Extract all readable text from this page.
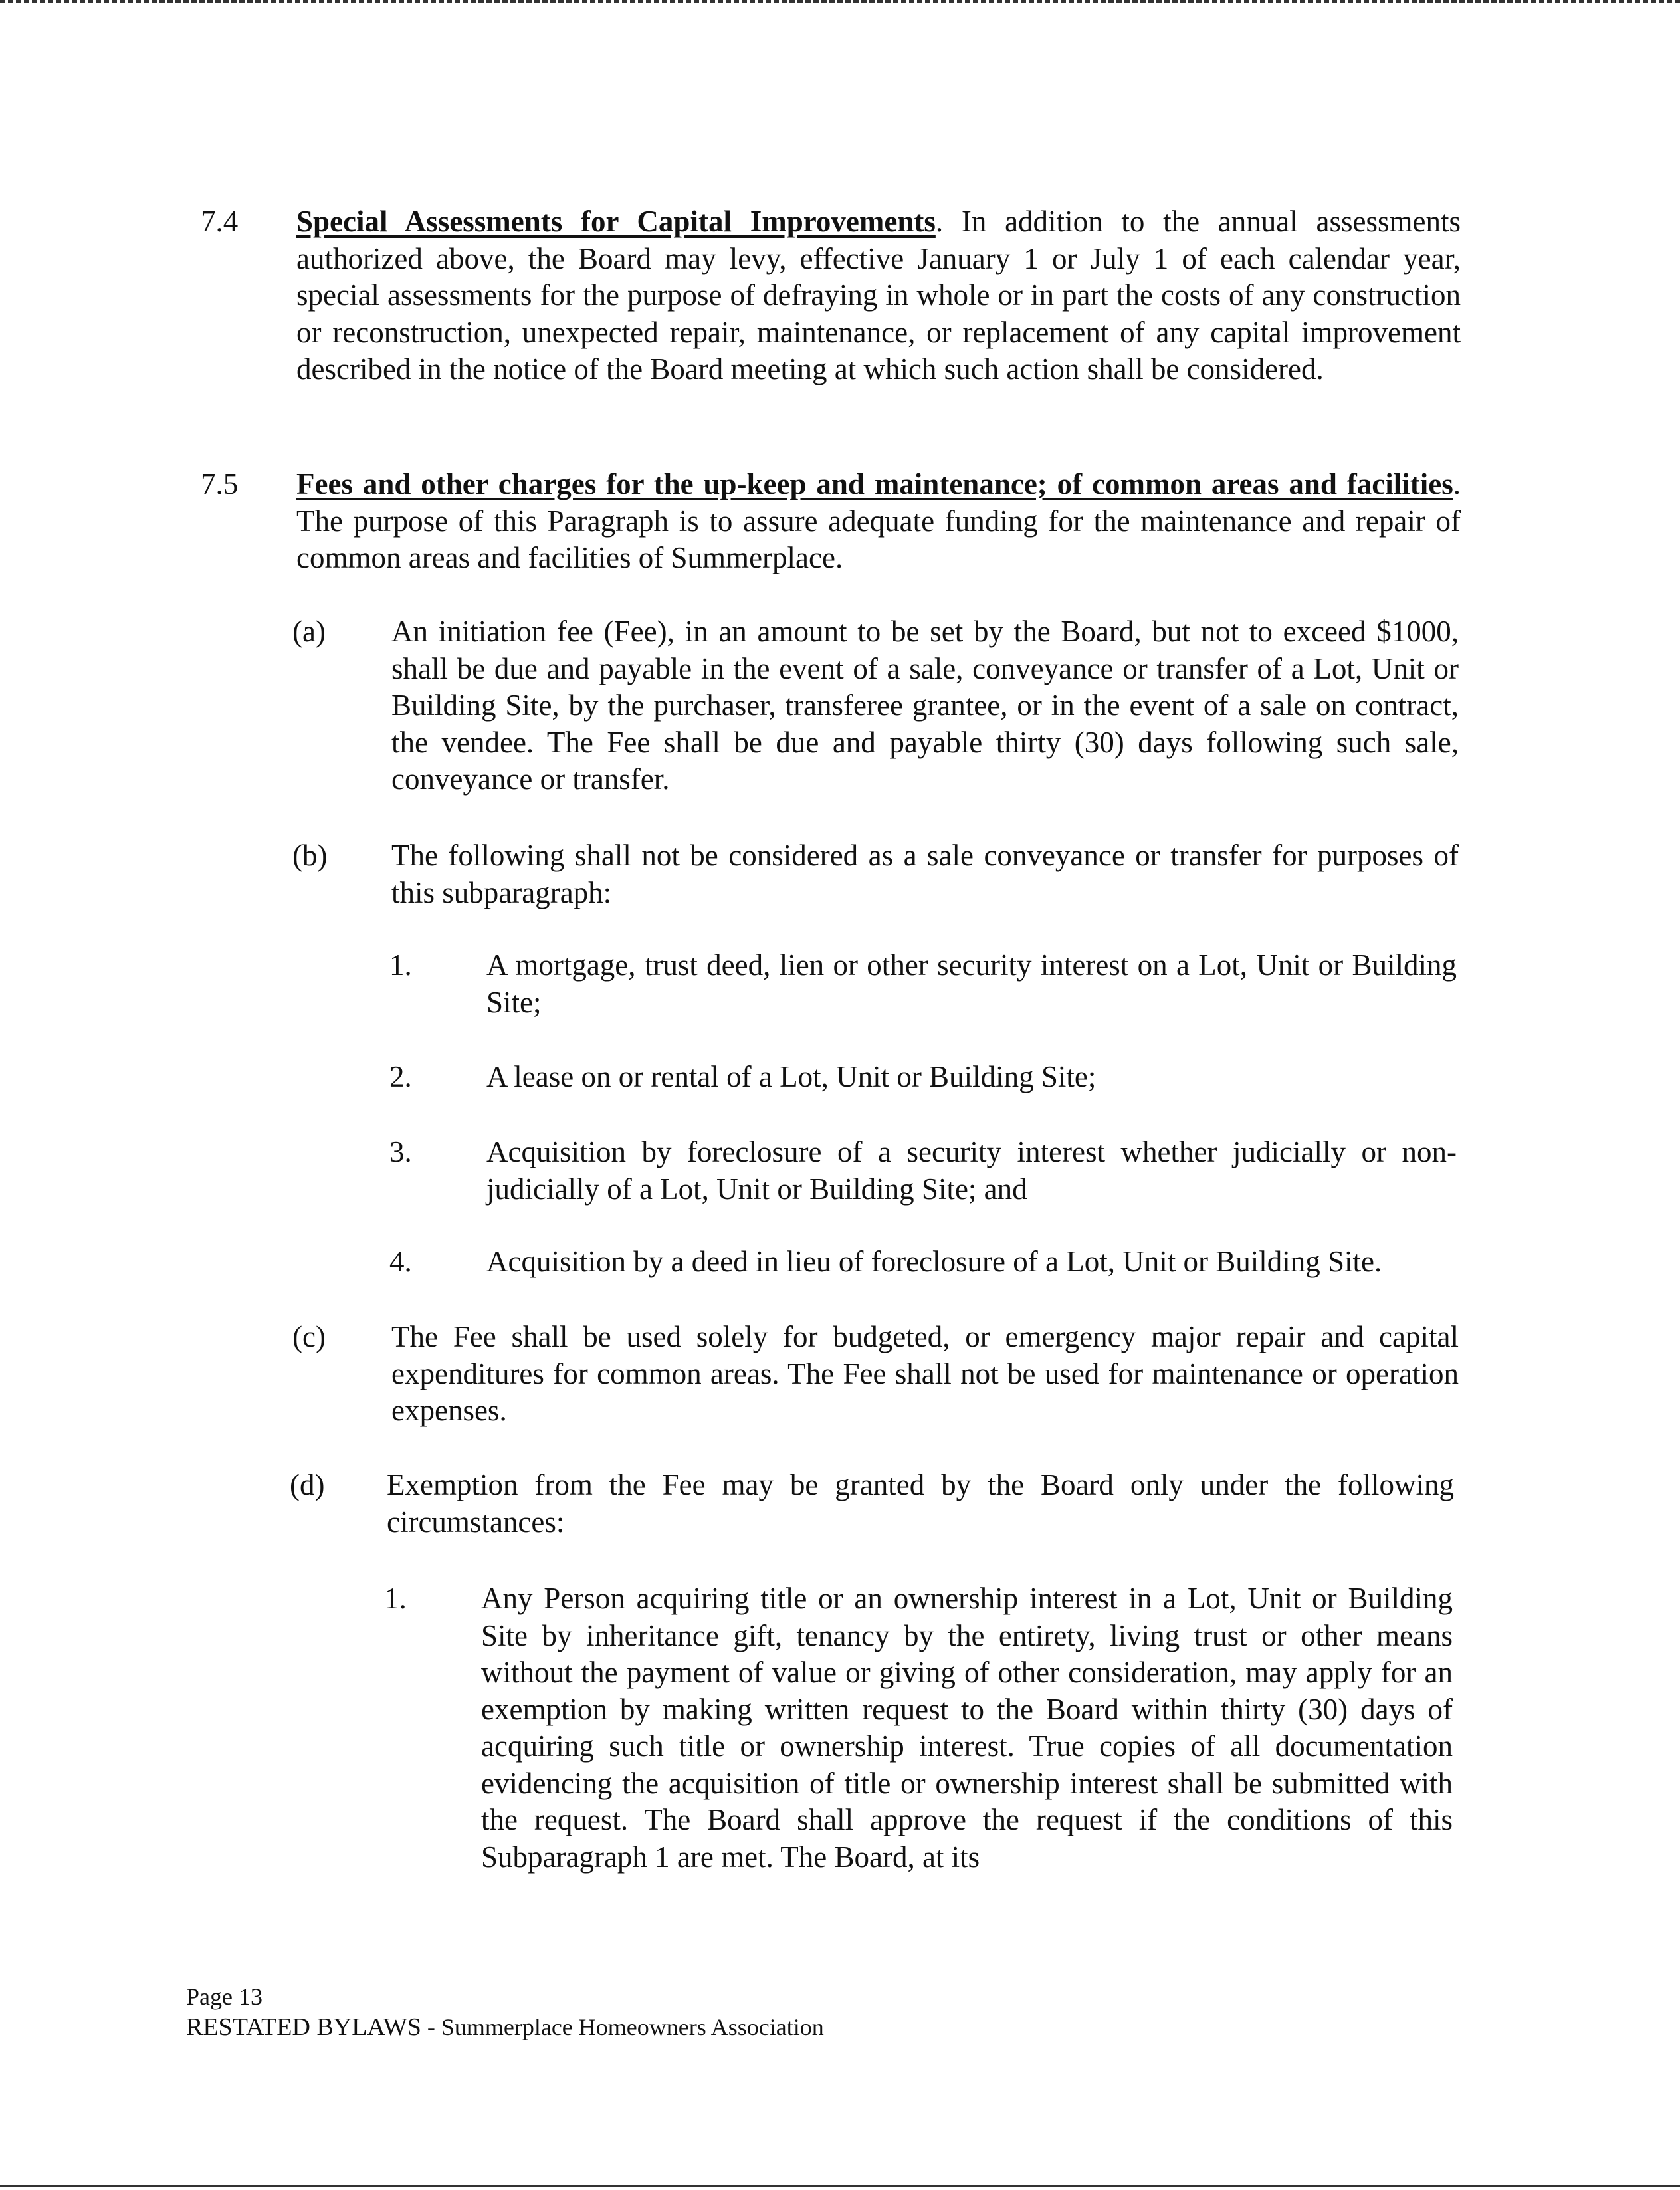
7.4 Special Assessments for Capital Improvements. In addition to the annual assessments authorized above, the Board may levy, effective January 1 or July 1 of each calendar year, special assessments for the purpose of defraying in whole or in part the costs of any construction or reconstruction, unexpected repair, maintenance, or replacement of any capital improvement described in the notice of the Board meeting at which such action shall be considered.
7.5 Fees and other charges for the up-keep and maintenance; of common areas and facilities. The purpose of this Paragraph is to assure adequate funding for the maintenance and repair of common areas and facilities of Summerplace.
(a) An initiation fee (Fee), in an amount to be set by the Board, but not to exceed $1000, shall be due and payable in the event of a sale, conveyance or transfer of a Lot, Unit or Building Site, by the purchaser, transferee grantee, or in the event of a sale on contract, the vendee. The Fee shall be due and payable thirty (30) days following such sale, conveyance or transfer.
(b) The following shall not be considered as a sale conveyance or transfer for purposes of this subparagraph:
1. A mortgage, trust deed, lien or other security interest on a Lot, Unit or Building Site;
2. A lease on or rental of a Lot, Unit or Building Site;
3. Acquisition by foreclosure of a security interest whether judicially or non-judicially of a Lot, Unit or Building Site; and
4. Acquisition by a deed in lieu of foreclosure of a Lot, Unit or Building Site.
(c) The Fee shall be used solely for budgeted, or emergency major repair and capital expenditures for common areas. The Fee shall not be used for maintenance or operation expenses.
(d) Exemption from the Fee may be granted by the Board only under the following circumstances:
1. Any Person acquiring title or an ownership interest in a Lot, Unit or Building Site by inheritance gift, tenancy by the entirety, living trust or other means without the payment of value or giving of other consideration, may apply for an exemption by making written request to the Board within thirty (30) days of acquiring such title or ownership interest. True copies of all documentation evidencing the acquisition of title or ownership interest shall be submitted with the request. The Board shall approve the request if the conditions of this Subparagraph 1 are met. The Board, at its
Page 13
RESTATED BYLAWS - Summerplace Homeowners Association
